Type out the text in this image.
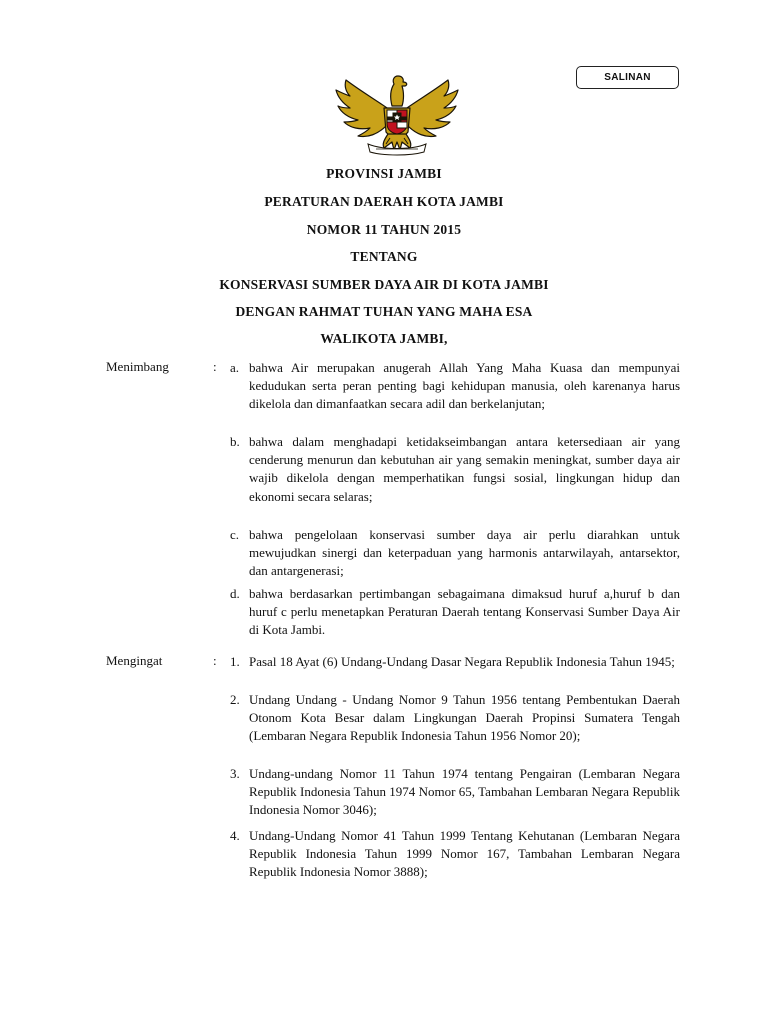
SALINAN
PROVINSI JAMBI
PERATURAN DAERAH KOTA JAMBI
NOMOR 11 TAHUN 2015
TENTANG
KONSERVASI SUMBER DAYA AIR DI KOTA JAMBI
DENGAN RAHMAT TUHAN YANG MAHA ESA
WALIKOTA JAMBI,
Menimbang	: a. bahwa Air merupakan anugerah Allah Yang Maha Kuasa dan mempunyai kedudukan serta peran penting bagi kehidupan manusia, oleh karenanya harus dikelola dan dimanfaatkan secara adil dan berkelanjutan;
b. bahwa dalam menghadapi ketidakseimbangan antara ketersediaan air yang cenderung menurun dan kebutuhan air yang semakin meningkat, sumber daya air wajib dikelola dengan memperhatikan fungsi sosial, lingkungan hidup dan ekonomi secara selaras;
c. bahwa pengelolaan konservasi sumber daya air perlu diarahkan untuk mewujudkan sinergi dan keterpaduan yang harmonis antarwilayah, antarsektor, dan antargenerasi;
d. bahwa berdasarkan pertimbangan sebagaimana dimaksud huruf a,huruf b dan huruf c perlu menetapkan Peraturan Daerah tentang Konservasi Sumber Daya Air di Kota Jambi.
Mengingat	: 1. Pasal 18 Ayat (6) Undang-Undang Dasar Negara Republik Indonesia Tahun 1945;
2. Undang Undang - Undang Nomor 9 Tahun 1956 tentang Pembentukan Daerah Otonom Kota Besar dalam Lingkungan Daerah Propinsi Sumatera Tengah (Lembaran Negara Republik Indonesia Tahun 1956 Nomor 20);
3. Undang-undang Nomor 11 Tahun 1974 tentang Pengairan (Lembaran Negara Republik Indonesia Tahun 1974 Nomor 65, Tambahan Lembaran Negara Republik Indonesia Nomor 3046);
4. Undang-Undang Nomor 41 Tahun 1999 Tentang Kehutanan (Lembaran Negara Republik Indonesia Tahun 1999 Nomor 167, Tambahan Lembaran Negara Republik Indonesia Nomor 3888);
